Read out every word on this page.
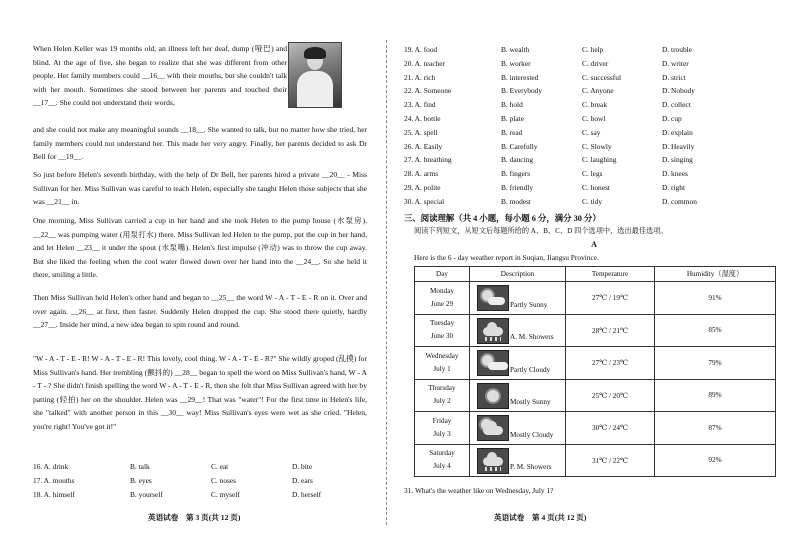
When Helen Keller was 19 months old, an illness left her deaf, dump (哑巴) and blind. At the age of five, she began to realize that she was different from other people. Her family members could __16__ with their mouths, but she couldn't talk with her mouth. Sometimes she stood between her parents and touched their __17__. She could not understand their words,

and she could not make any meaningful sounds __18__. She wanted to talk, but no matter how she tried, her family members could not understand her. This made her very angry. Finally, her parents decided to ask Dr Bell for __19__.

So just before Helen's seventh birthday, with the help of Dr Bell, her parents hired a private __20__ - Miss Sullivan for her. Miss Sullivan was careful to teach Helen, especially she taught Helen those subjects that she was __21__ in.

One morning, Miss Sullivan carried a cup in her hand and she took Helen to the pump house (水泵房). __22__ was pumping water (用泵打水) there. Miss Sullivan led Helen to the pump, put the cup in her hand, and let Helen __23__ it under the spout (水泵嘴). Helen's first impulse (冲动) was to throw the cup away. But she liked the feeling when the cool water flowed down over her hand into the __24__. So she held it there, smiling a little.

Then Miss Sullivan held Helen's other hand and began to __25__ the word W - A - T - E - R on it. Over and over again. __26__ at first, then faster. Suddenly Helen dropped the cup. She stood there quietly, hardly __27__. Inside her mind, a new idea began to spin round and round.

"W - A - T - E - R! W - A - T - E - R! This lovely, cool thing. W - A - T - E - R?" She wildly groped (乱摸) for Miss Sullivan's hand. Her trembling (颤抖的) __28__ began to spell the word on Miss Sullivan's hand, W - A - T - ? She didn't finish spelling the word W - A - T - E - R, then she felt that Miss Sullivan agreed with her by patting (轻拍) her on the shoulder. Helen was __29__! That was "water"! For the first time in Helen's life, she "talked" with another person in this __30__ way! Miss Sullivan's eyes were wet as she cried. "Helen, you're right! You've got it!"

16. A. drink	B. talk	C. eat	D. bite
17. A. mouths	B. eyes	C. noses	D. ears
18. A. himself	B. yourself	C. myself	D. herself
英语试卷　第 3 页(共 12 页)
19. A. food	B. wealth	C. help	D. trouble
20. A. teacher	B. worker	C. driver	D. writer
21. A. rich	B. interested	C. successful	D. strict
22. A. Someone	B. Everybody	C. Anyone	D. Nobody
23. A. find	B. hold	C. break	D. collect
24. A. bottle	B. plate	C. bowl	D. cup
25. A. spell	B. read	C. say	D. explain
26. A. Easily	B. Carefully	C. Slowly	D. Heavily
27. A. breathing	B. dancing	C. laughing	D. singing
28. A. arms	B. fingers	C. legs	D. knees
29. A. polite	B. friendly	C. honest	D. right
30. A. special	B. modest	C. tidy	D. common
三、阅读理解（共 4 小题，每小题 6 分，满分 30 分）
阅读下列短文，从短文后每题所给的 A、B、C、D 四个选项中，选出最佳选项。
A
Here is the 6 - day weather report in Suqian, Jiangsu Province.
Day	Description	Temperature	Humidity（湿度）

Monday
June 29	Partly Sunny	27℃ / 19℃	91%

Tuesday
June 30	A. M. Showers	28℃ / 21℃	85%

Wednesday
July 1	Partly Cloudy	27℃ / 23℃	79%

Thursday
July 2	Mostly Sunny	25℃ / 20℃	89%

Friday
July 3	Mostly Cloudy	30℃ / 24℃	87%

Saturday
July 4	P. M. Showers	31℃ / 22℃	92%
31. What's the weather like on Wednesday, July 1?
英语试卷　第 4 页(共 12 页)
